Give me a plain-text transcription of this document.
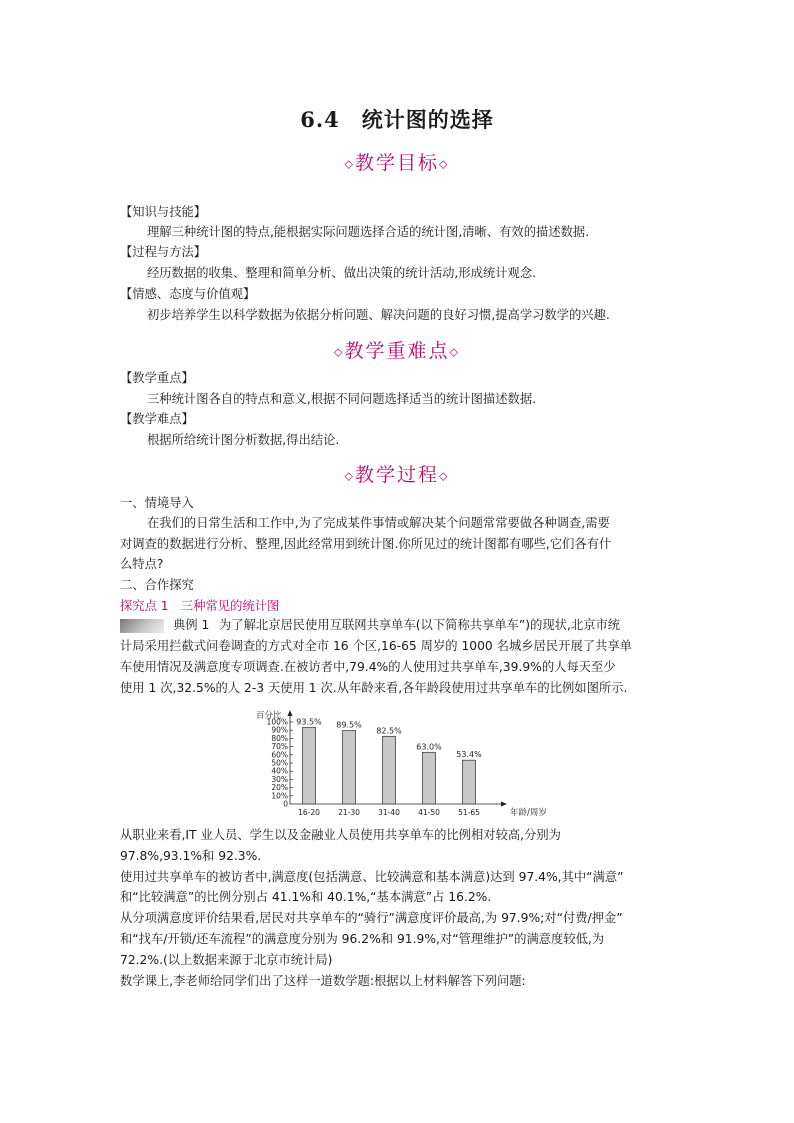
6.4　统计图的选择
◇教学目标◇
【知识与技能】
理解三种统计图的特点,能根据实际问题选择合适的统计图,清晰、有效的描述数据.
【过程与方法】
经历数据的收集、整理和简单分析、做出决策的统计活动,形成统计观念.
【情感、态度与价值观】
初步培养学生以科学数据为依据分析问题、解决问题的良好习惯,提高学习数学的兴趣.
◇教学重难点◇
【教学重点】
三种统计图各自的特点和意义,根据不同问题选择适当的统计图描述数据.
【教学难点】
根据所给统计图分析数据,得出结论.
◇教学过程◇
一、情境导入
在我们的日常生活和工作中,为了完成某件事情或解决某个问题常常要做各种调查,需要
对调查的数据进行分析、整理,因此经常用到统计图.你所见过的统计图都有哪些,它们各有什
么特点?
二、合作探究
探究点 1　三种常见的统计图
典例 1 为了解北京居民使用互联网共享单车(以下简称共享单车”)的现状,北京市统
计局采用拦截式问卷调查的方式对全市 16 个区,16-65 周岁的 1000 名城乡居民开展了共享单
车使用情况及满意度专项调查.在被访者中,79.4%的人使用过共享单车,39.9%的人每天至少
使用 1 次,32.5%的人 2-3 天使用 1 次.从年龄来看,各年龄段使用过共享单车的比例如图所示.
0
10%
20%
30%
40%
50%
60%
70%
80%
90%
100%
百分比
年龄/周岁
93.5%
16-20
89.5%
21-30
82.5%
31-40
63.0%
41-50
53.4%
51-65
从职业来看,IT 业人员、学生以及金融业人员使用共享单车的比例相对较高,分别为
97.8%,93.1%和 92.3%.
使用过共享单车的被访者中,满意度(包括满意、比较满意和基本满意)达到 97.4%,其中“满意”
和“比较满意”的比例分别占 41.1%和 40.1%,“基本满意”占 16.2%.
从分项满意度评价结果看,居民对共享单车的“骑行”满意度评价最高,为 97.9%;对“付费/押金”
和“找车/开锁/还车流程”的满意度分别为 96.2%和 91.9%,对“管理维护”的满意度较低,为
72.2%.(以上数据来源于北京市统计局)
数学课上,李老师给同学们出了这样一道数学题:根据以上材料解答下列问题:
